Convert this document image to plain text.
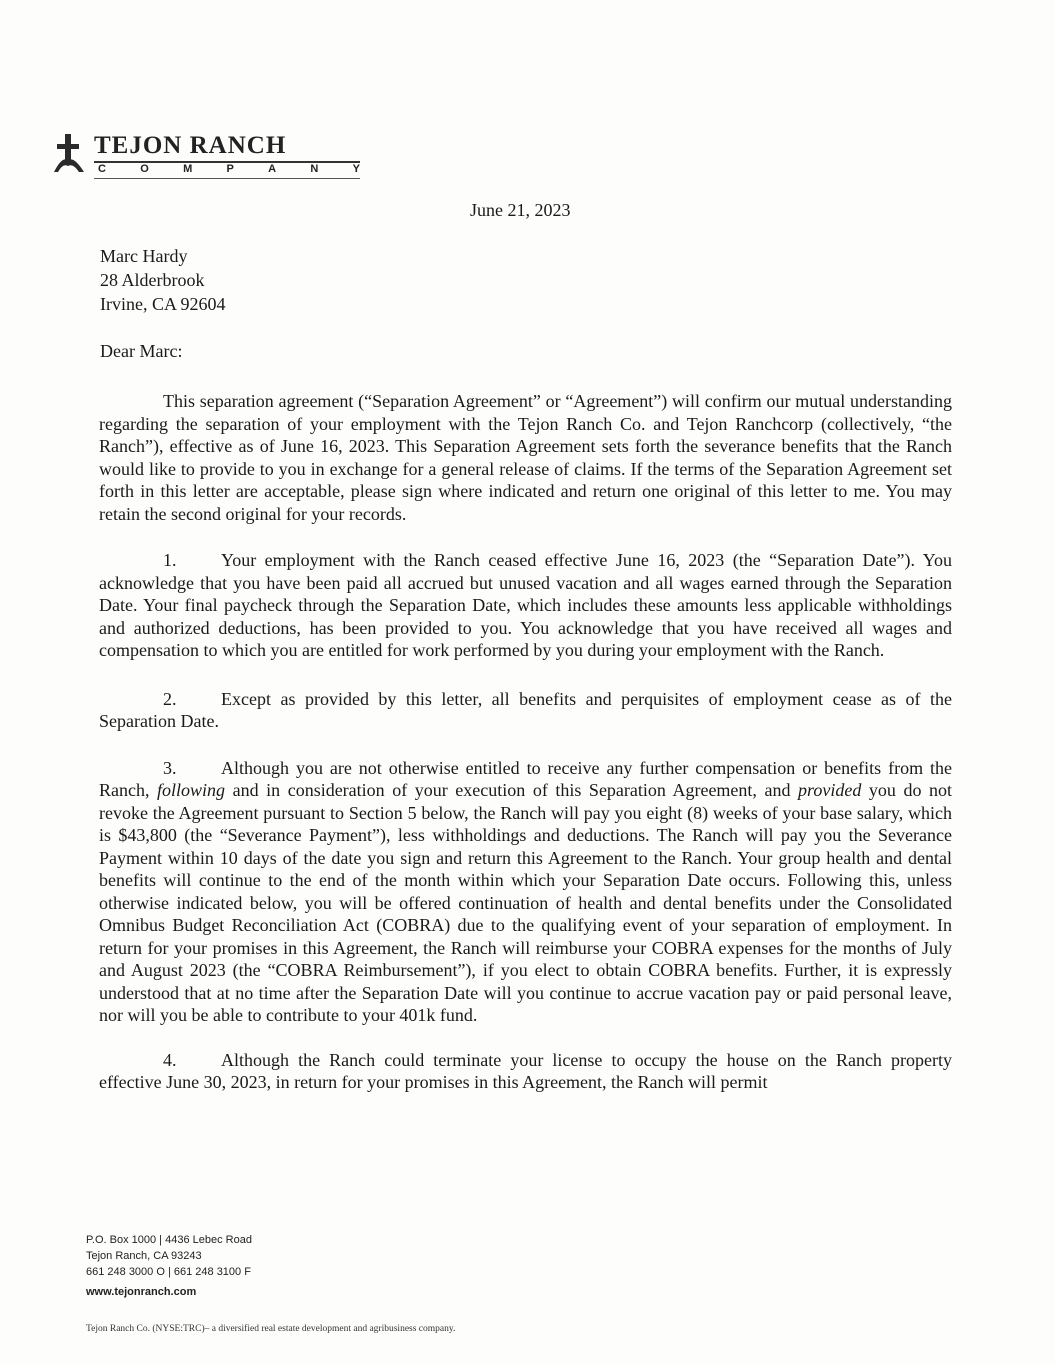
TEJON RANCH
C	O	M	P	A	N	Y
June 21, 2023
Marc Hardy
28 Alderbrook
Irvine, CA 92604
Dear Marc:

This separation agreement (“Separation Agreement” or “Agreement”) will confirm our mutual understanding regarding the separation of your employment with the Tejon Ranch Co. and Tejon Ranchcorp (collectively, “the Ranch”), effective as of June 16, 2023. This Separation Agreement sets forth the severance benefits that the Ranch would like to provide to you in exchange for a general release of claims. If the terms of the Separation Agreement set forth in this letter are acceptable, please sign where indicated and return one original of this letter to me. You may retain the second original for your records.

1. Your employment with the Ranch ceased effective June 16, 2023 (the “Separation Date”). You acknowledge that you have been paid all accrued but unused vacation and all wages earned through the Separation Date. Your final paycheck through the Separation Date, which includes these amounts less applicable withholdings and authorized deductions, has been provided to you. You acknowledge that you have received all wages and compensation to which you are entitled for work performed by you during your employment with the Ranch.

2. Except as provided by this letter, all benefits and perquisites of employment cease as of the Separation Date.

3. Although you are not otherwise entitled to receive any further compensation or benefits from the Ranch, following and in consideration of your execution of this Separation Agreement, and provided you do not revoke the Agreement pursuant to Section 5 below, the Ranch will pay you eight (8) weeks of your base salary, which is $43,800 (the “Severance Payment”), less withholdings and deductions. The Ranch will pay you the Severance Payment within 10 days of the date you sign and return this Agreement to the Ranch. Your group health and dental benefits will continue to the end of the month within which your Separation Date occurs. Following this, unless otherwise indicated below, you will be offered continuation of health and dental benefits under the Consolidated Omnibus Budget Reconciliation Act (COBRA) due to the qualifying event of your separation of employment. In return for your promises in this Agreement, the Ranch will reimburse your COBRA expenses for the months of July and August 2023 (the “COBRA Reimbursement”), if you elect to obtain COBRA benefits. Further, it is expressly understood that at no time after the Separation Date will you continue to accrue vacation pay or paid personal leave, nor will you be able to contribute to your 401k fund.

4. Although the Ranch could terminate your license to occupy the house on the Ranch property effective June 30, 2023, in return for your promises in this Agreement, the Ranch will permit

P.O. Box 1000 | 4436 Lebec Road
Tejon Ranch, CA 93243
661 248 3000 O | 661 248 3100 F
www.tejonranch.com
Tejon Ranch Co. (NYSE:TRC)– a diversified real estate development and agribusiness company.
